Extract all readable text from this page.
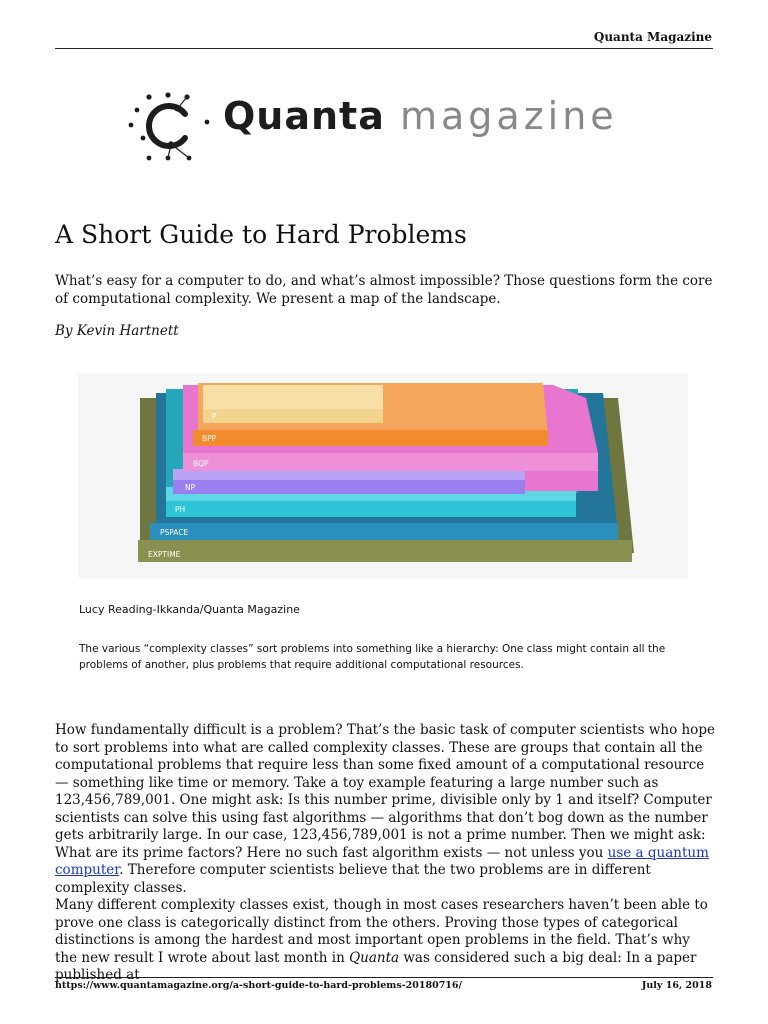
Quanta Magazine
Quanta magazine
A Short Guide to Hard Problems

What’s easy for a computer to do, and what’s almost impossible? Those questions form the core of computational complexity. We present a map of the landscape.

By Kevin Hartnett

P
BPP
BQP
NP
PH
PSPACE
EXPTIME

Lucy Reading-Ikkanda/Quanta Magazine

The various “complexity classes” sort problems into something like a hierarchy: One class might contain all the problems of another, plus problems that require additional computational resources.

How fundamentally difficult is a problem? That’s the basic task of computer scientists who hope to sort problems into what are called complexity classes. These are groups that contain all the computational problems that require less than some fixed amount of a computational resource — something like time or memory. Take a toy example featuring a large number such as 123,456,789,001. One might ask: Is this number prime, divisible only by 1 and itself? Computer scientists can solve this using fast algorithms — algorithms that don’t bog down as the number gets arbitrarily large. In our case, 123,456,789,001 is not a prime number. Then we might ask: What are its prime factors? Here no such fast algorithm exists — not unless you use a quantum computer. Therefore computer scientists believe that the two problems are in different complexity classes.

Many different complexity classes exist, though in most cases researchers haven’t been able to prove one class is categorically distinct from the others. Proving those types of categorical distinctions is among the hardest and most important open problems in the field. That’s why the new result I wrote about last month in Quanta was considered such a big deal: In a paper published at

https://www.quantamagazine.org/a-short-guide-to-hard-problems-20180716/	July 16, 2018
